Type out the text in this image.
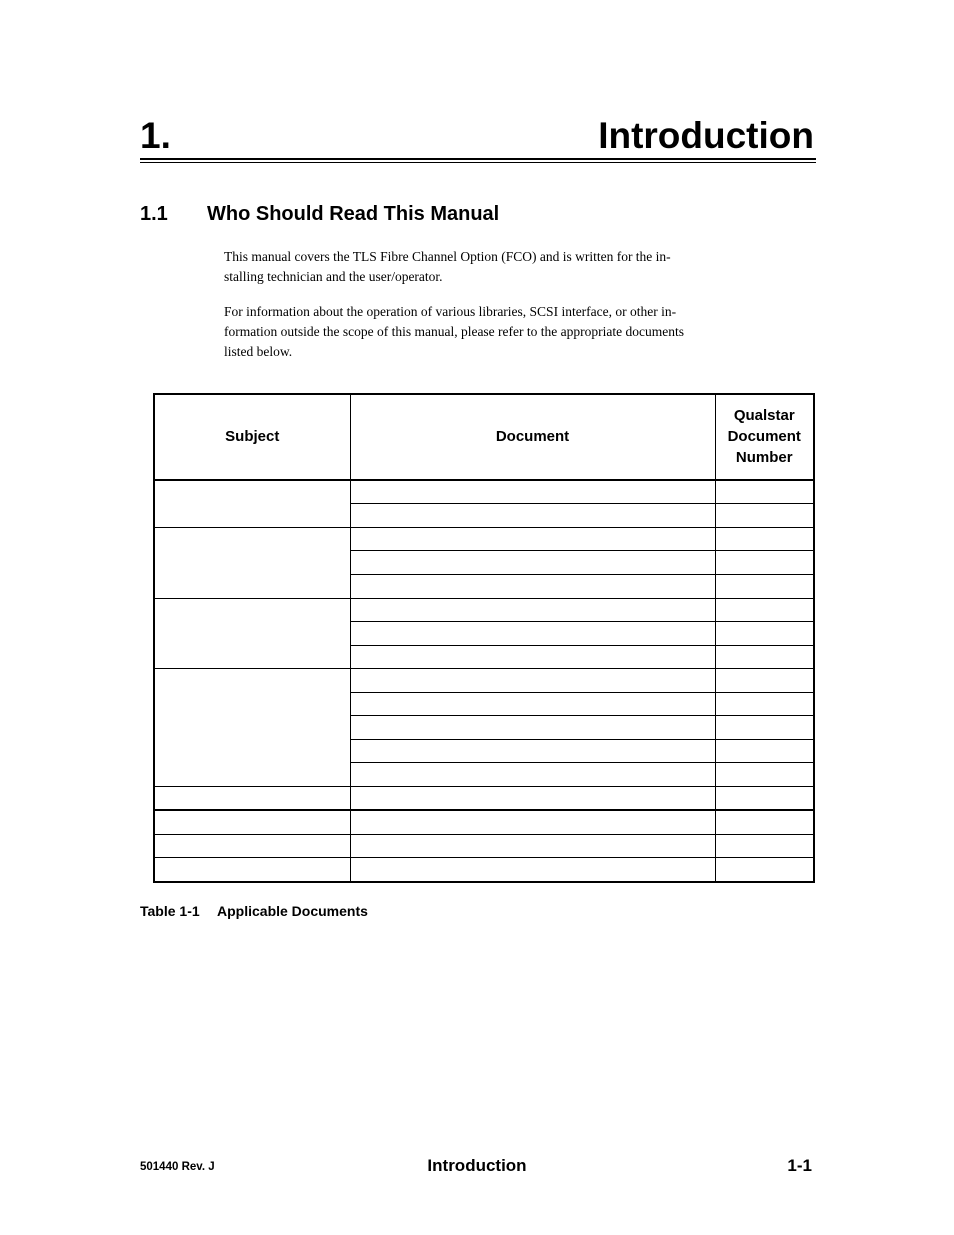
1.	Introduction
1.1 Who Should Read This Manual
This manual covers the TLS Fibre Channel Option (FCO) and is written for the in-
stalling technician and the user/operator.
For information about the operation of various libraries, SCSI interface, or other in-
formation outside the scope of this manual, please refer to the appropriate documents
listed below.
Subject	Document	Qualstar
Document
Number

Table 1-1 Applicable Documents
501440 Rev. J	Introduction	1-1
